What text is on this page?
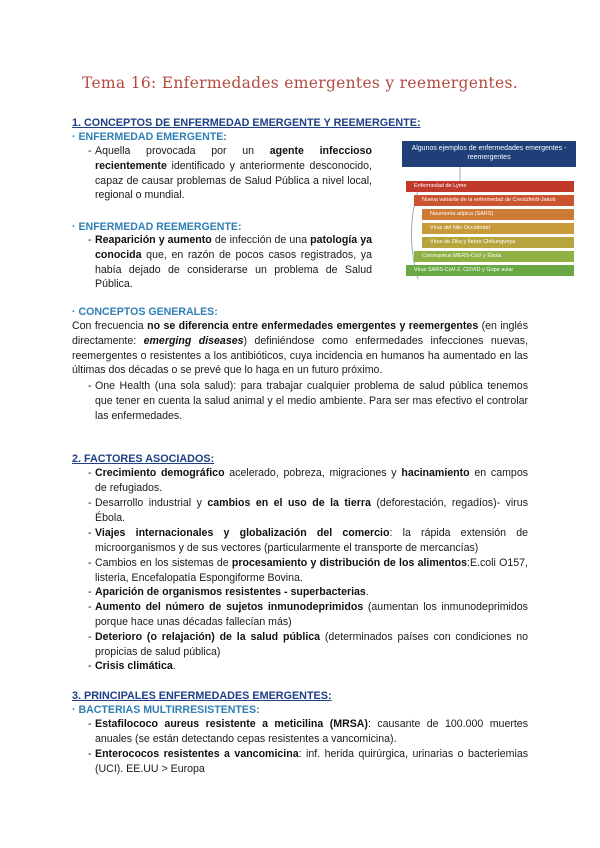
Tema 16: Enfermedades emergentes y reemergentes.
1. CONCEPTOS DE ENFERMEDAD EMERGENTE Y REEMERGENTE:
· ENFERMEDAD EMERGENTE:
- Aquella provocada por un agente infeccioso recientemente identificado y anteriormente desconocido, capaz de causar problemas de Salud Pública a nivel local, regional o mundial.
· ENFERMEDAD REEMERGENTE:
- Reaparición y aumento de infección de una patología ya conocida que, en razón de pocos casos registrados, ya había dejado de considerarse un problema de Salud Pública.
Algunos ejemplos de enfermedades emergentes - reemergentes
Enfermedad de Lyme
Nueva variante de la enfermedad de Creutzfeldt-Jakob
Neumonía atípica (SARS)
Virus del Nilo Occidental
Virus de Zika y fiebre Chikungunya
Coronavirus MERS-CoV y Ébola
Virus SARS-CoV-2, COVID y Gripe aviar
· CONCEPTOS GENERALES:
Con frecuencia no se diferencia entre enfermedades emergentes y reemergentes (en inglés directamente: emerging diseases) definiéndose como enfermedades infecciones nuevas, reemergentes o resistentes a los antibióticos, cuya incidencia en humanos ha aumentado en las últimas dos décadas o se prevé que lo haga en un futuro próximo.
- One Health (una sola salud): para trabajar cualquier problema de salud pública tenemos que tener en cuenta la salud animal y el medio ambiente. Para ser mas efectivo el controlar las enfermedades.
2. FACTORES ASOCIADOS:
- Crecimiento demográfico acelerado, pobreza, migraciones y hacinamiento en campos de refugiados.
- Desarrollo industrial y cambios en el uso de la tierra (deforestación, regadíos)- virus Ébola.
- Viajes internacionales y globalización del comercio: la rápida extensión de microorganismos y de sus vectores (particularmente el transporte de mercancías)
- Cambios en los sistemas de procesamiento y distribución de los alimentos:E.coli O157, listeria, Encefalopatía Espongiforme Bovina.
- Aparición de organismos resistentes - superbacterias.
- Aumento del número de sujetos inmunodeprimidos (aumentan los inmunodeprimidos porque hace unas décadas fallecían más)
- Deterioro (o relajación) de la salud pública (determinados países con condiciones no propicias de salud pública)
- Crisis climática.
3. PRINCIPALES ENFERMEDADES EMERGENTES:
· BACTERIAS MULTIRRESISTENTES:
- Estafilococo aureus resistente a meticilina (MRSA): causante de 100.000 muertes anuales (se están detectando cepas resistentes a vancomicina).
- Enterococos resistentes a vancomicina: inf. herida quirúrgica, urinarias o bacteriemias (UCI). EE.UU > Europa
